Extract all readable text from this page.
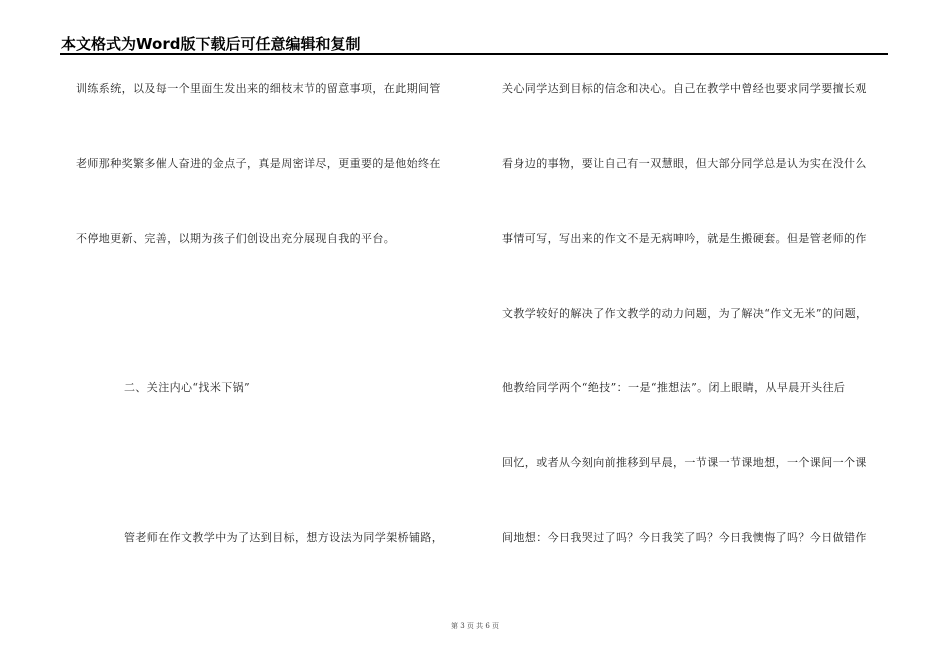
本文格式为Word版下载后可任意编辑和复制
训练系统，以及每一个里面生发出来的细枝末节的留意事项，在此期间管
老师那种奖繁多催人奋进的金点子，真是周密详尽，更重要的是他始终在
不停地更新、完善，以期为孩子们创设出充分展现自我的平台。
二、关注内心“找米下锅”
管老师在作文教学中为了达到目标，想方设法为同学架桥铺路，
关心同学达到目标的信念和决心。自己在教学中曾经也要求同学要擅长观
看身边的事物，要让自己有一双慧眼，但大部分同学总是认为实在没什么
事情可写，写出来的作文不是无病呻吟，就是生搬硬套。但是管老师的作
文教学较好的解决了作文教学的动力问题，为了解决“作文无米”的问题，
他教给同学两个“绝技”：一是“推想法”。闭上眼睛，从早晨开头往后
回忆，或者从今刻向前推移到早晨，一节课一节课地想，一个课间一个课
间地想：今日我哭过了吗？今日我笑了吗？今日我懊悔了吗？今日做错作
第 3 页 共 6 页
